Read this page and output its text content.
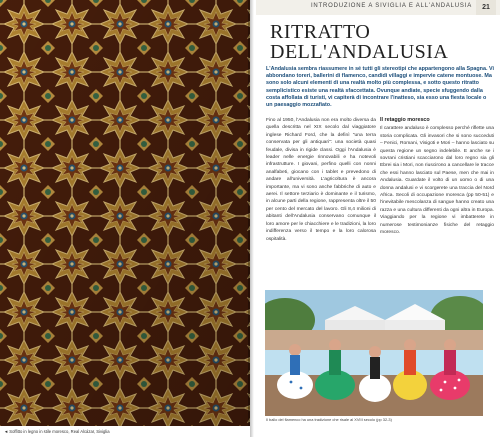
◄ Soffitto in legno in stile moresco, Real Alcázar, Siviglia
INTRODUZIONE A SIVIGLIA E ALL'ANDALUSIA	21
RITRATTO
DELL'ANDALUSIA
L'Andalusia sembra riassumere in sé tutti gli stereotipi che appartengono alla Spagna. Vi abbondano torerі, ballerini di flamenco, candidi villaggi e impervie catene montuose. Ma sono solo alcuni elementi di una realtà molto più complessa, e sotto questo ritratto semplicistico esiste una realtà sfaccettata. Ovunque andiate, specie sfuggendo dalla costa affollata di turisti, vi capiterà di incontrare l'inatteso, sia esso una fiesta locale o un paesaggio mozzafiato.
Fino al 1950, l'Andalusia non era molto diversa da quella descritta nel XIX secolo dal viaggiatore inglese Richard Ford, che la definì "una terra conservata per gli antiquari": una società quasi feudale, divisa in rigide classi. Oggi l'Andalusia è leader nelle energie rinnovabili e ha notevoli infrastrutture. I giovani, perfino quelli con nonni analfabeti, giocano con i tablet e prevedono di andare all'università. L'agricoltura è ancora importante, ma vi sono anche fabbriche di auto e aerei. Il settore terziario è dominante e il turismo, in alcune parti della regione, rappresenta oltre il 50 per cento del mercato del lavoro. Gli 8,4 milioni di abitanti dell'Andalusia conservano comunque il loro amore per le chiacchiere e le tradizioni, la loro indifferenza verso il tempo e la loro calorosa ospitalità.
Il retaggio moresco
Il carattere andaluso è complesso perché riflette una storia complicata. Gli invasori che si sono succeduti – Fenici, Romani, Visigoti e Mori – hanno lasciato su questa regione un segno indelebile. E anche se i sovrani cristiani scacciarono dal loro regno sia gli Ebrei sia i Mori, non riuscirono a cancellare le tracce che essi hanno lasciato sul Paese, men che mai in Andalusia. Guardate il volto di un uomo o di una donna andalusi e vi scorgerete una traccia del Nord Africa. Secoli di occupazione moresca (pp 50-51) e l'inevitabile mescolanza di sangue hanno creato una razza e una cultura differenti da ogni altra in Europa. Viaggiando per la regione vi imbatterete in numerose testimonianze fisiche del retaggio moresco.
Il ballo del flamenco ha una tradizione che risale al XVIII secolo (pp 32-3)
